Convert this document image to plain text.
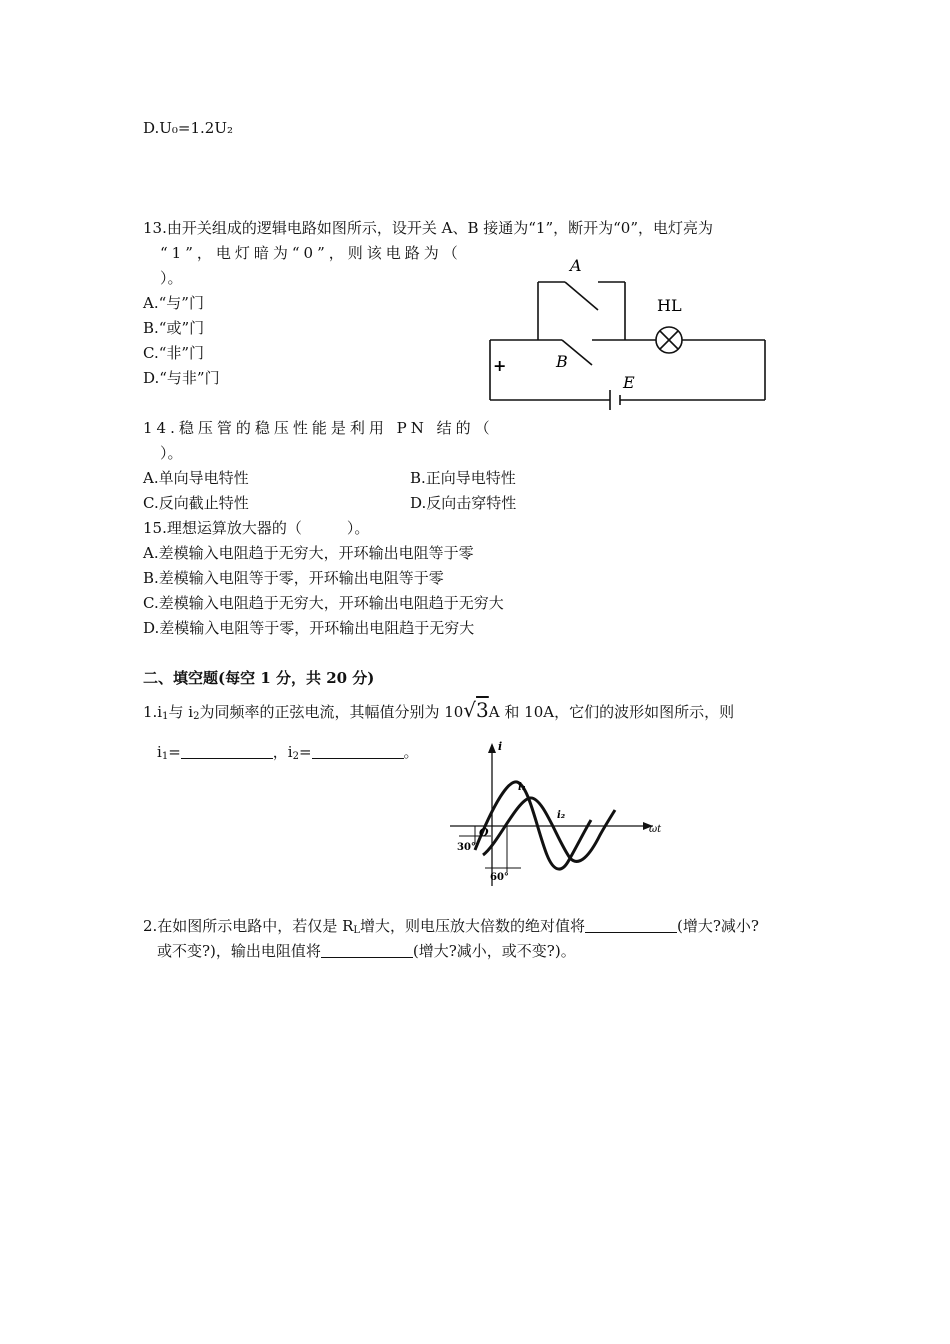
D.U₀=1.2U₂
13.由开关组成的逻辑电路如图所示，设开关 A、B 接通为“1”，断开为“0”，电灯亮为
“1”，电灯暗为“0”，则该电路为（
）。
A.“与”门
B.“或”门
C.“非”门
D.“与非”门
A
HL
B
E
+
14.稳压管的稳压性能是利用 PN 结的（
）。
A.单向导电特性	B.正向导电特性
C.反向截止特性	D.反向击穿特性
15.理想运算放大器的（　　　）。
A.差模输入电阻趋于无穷大，开环输出电阻等于零
B.差模输入电阻等于零，开环输出电阻等于零
C.差模输入电阻趋于无穷大，开环输出电阻趋于无穷大
D.差模输入电阻等于零，开环输出电阻趋于无穷大
二、填空题(每空 1 分，共 20 分)
$1.i_1$与 $i_2$为同频率的正弦电流，其幅值分别为 10√3A 和 10A，它们的波形如图所示，则
$i_1=$	，$i_2=$	。	i
ωt
O
i₁
i₂
30°
60°
2.在如图所示电路中，若仅是 $R_L$增大，则电压放大倍数的绝对值将	(增大?减小?
或不变?)，输出电阻值将	(增大?减小，或不变?)。
